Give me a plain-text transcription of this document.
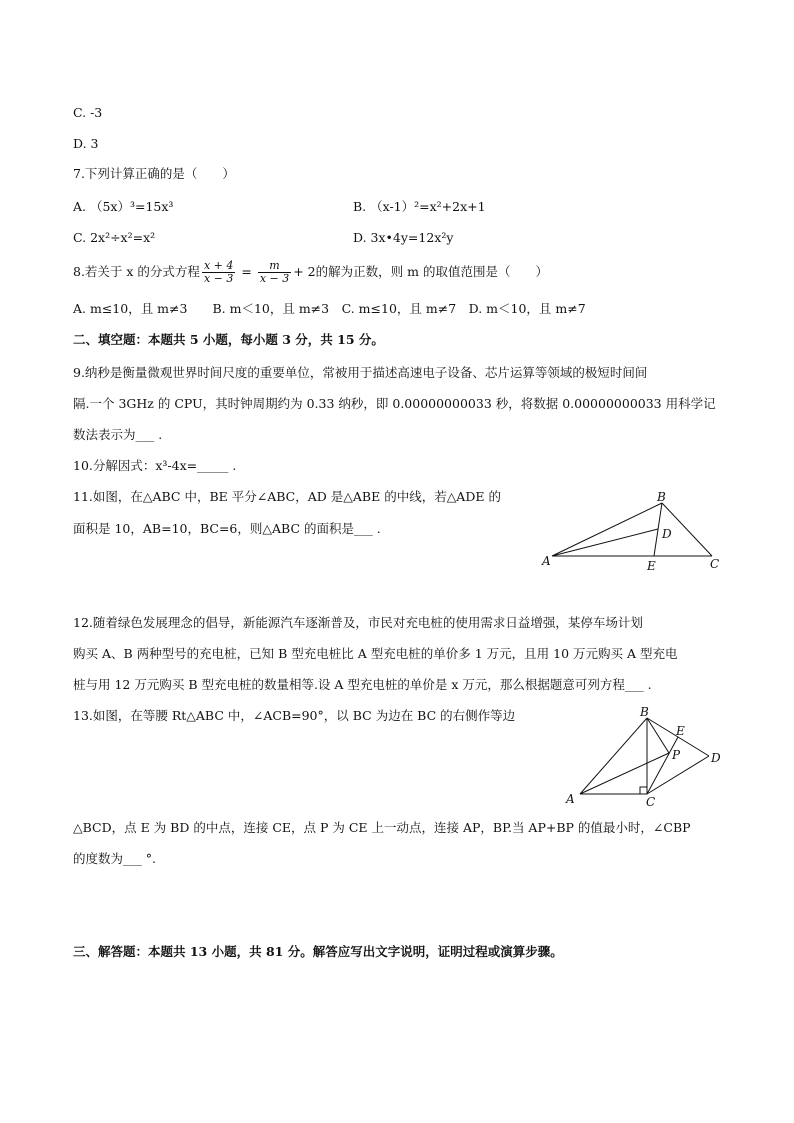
C. -3
D. 3
7.下列计算正确的是（　　）
A. （5x）³=15x³	B. （x-1）²=x²+2x+1
C. 2x²÷x²=x²	D. 3x•4y=12x²y
8.若关于 x 的分式方程 $\frac{x + 4}{x - 3} = \frac{m}{x - 3} + 2$的解为正数，则 m 的取值范围是（　　）
A. m≤10，且 m≠3　　B. m＜10，且 m≠3　C. m≤10，且 m≠7　D. m＜10，且 m≠7
二、填空题：本题共 5 小题，每小题 3 分，共 15 分。
9.纳秒是衡量微观世界时间尺度的重要单位，常被用于描述高速电子设备、芯片运算等领域的极短时间间
隔.一个 3GHz 的 CPU，其时钟周期约为 0.33 纳秒，即 0.00000000033 秒，将数据 0.00000000033 用科学记
数法表示为___ .
10.分解因式：x³-4x=_____ .
11.如图，在△ABC 中，BE 平分∠ABC，AD 是△ABE 的中线，若△ADE 的
面积是 10，AB=10，BC=6，则△ABC 的面积是___ .
A
B
C
D
E
12.随着绿色发展理念的倡导，新能源汽车逐渐普及，市民对充电桩的使用需求日益增强，某停车场计划
购买 A、B 两种型号的充电桩，已知 B 型充电桩比 A 型充电桩的单价多 1 万元，且用 10 万元购买 A 型充电
桩与用 12 万元购买 B 型充电桩的数量相等.设 A 型充电桩的单价是 x 万元，那么根据题意可列方程___ .
13.如图，在等腰 Rt△ABC 中，∠ACB=90°，以 BC 为边在 BC 的右侧作等边	B
E
P	D
A	C
△BCD，点 E 为 BD 的中点，连接 CE，点 P 为 CE 上一动点，连接 AP，BP.当 AP+BP 的值最小时，∠CBP
的度数为___ °.
三、解答题：本题共 13 小题，共 81 分。解答应写出文字说明，证明过程或演算步骤。
